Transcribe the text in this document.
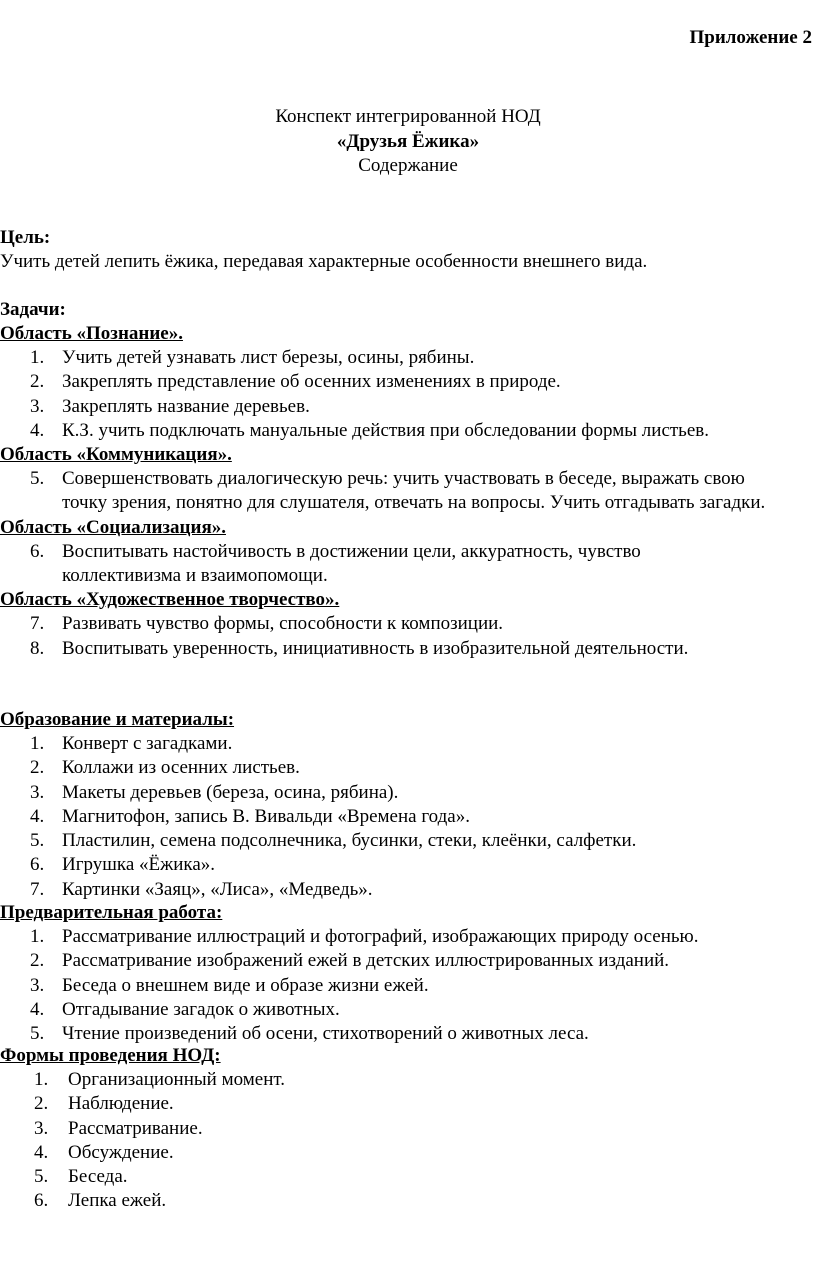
Приложение 2
Конспект интегрированной НОД
«Друзья Ёжика»
Содержание
Цель:
Учить детей лепить ёжика, передавая характерные особенности внешнего вида.
Задачи:
Область «Познание».
1. Учить детей узнавать лист березы, осины, рябины.
2. Закреплять представление об осенних изменениях в природе.
3. Закреплять название деревьев.
4. К.З. учить подключать мануальные действия при обследовании формы листьев.
Область «Коммуникация».
5. Совершенствовать диалогическую речь: учить участвовать в беседе, выражать свою точку зрения, понятно для слушателя, отвечать на вопросы. Учить отгадывать загадки.
Область «Социализация».
6. Воспитывать настойчивость в достижении цели, аккуратность, чувство коллективизма и взаимопомощи.
Область «Художественное творчество».
7. Развивать чувство формы, способности к композиции.
8. Воспитывать уверенность, инициативность в изобразительной деятельности.
Образование и материалы:
1. Конверт с загадками.
2. Коллажи из осенних листьев.
3. Макеты деревьев (береза, осина, рябина).
4. Магнитофон, запись В. Вивальди «Времена года».
5. Пластилин, семена подсолнечника, бусинки, стеки, клеёнки, салфетки.
6. Игрушка «Ёжика».
7. Картинки «Заяц», «Лиса», «Медведь».
Предварительная работа:
1. Рассматривание иллюстраций и фотографий, изображающих природу осенью.
2. Рассматривание изображений ежей в детских иллюстрированных изданий.
3. Беседа о внешнем виде и образе жизни ежей.
4. Отгадывание загадок о животных.
5. Чтение произведений об осени, стихотворений о животных леса.
Формы проведения НОД:
1.	Организационный момент.
2.	Наблюдение.
3.	Рассматривание.
4.	Обсуждение.
5.	Беседа.
6.	Лепка ежей.
